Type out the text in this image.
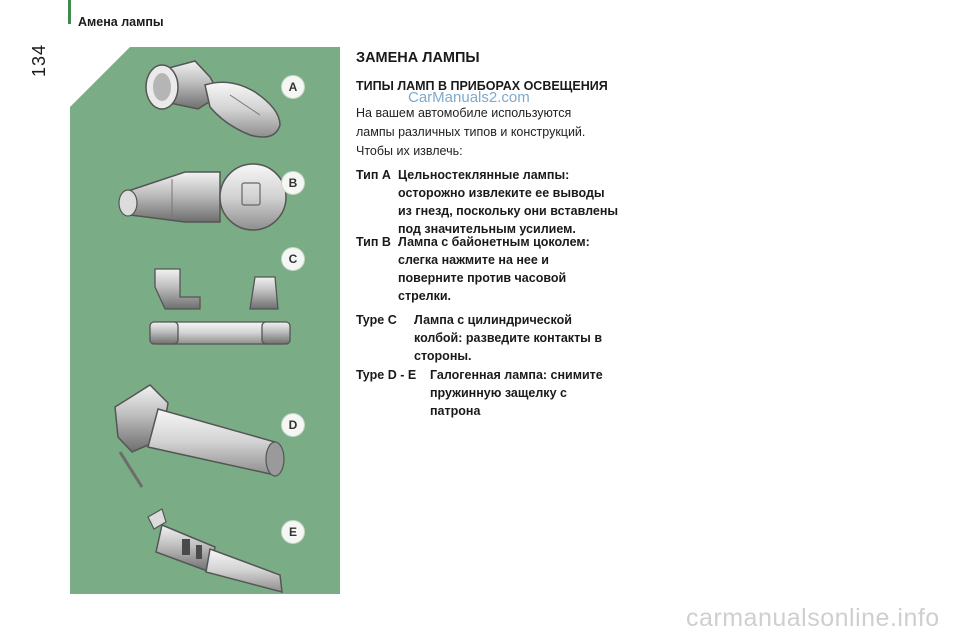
Амена лампы
134
A
B
C
D
E
ЗАМЕНА ЛАМПЫ
ТИПЫ ЛАМП В ПРИБОРАХ ОСВЕЩЕНИЯ
CarManuals2.com
На вашем автомобиле используются
лампы различных типов и конструкций.
Чтобы их извлечь:
Тип А Цельностеклянные лампы:
осторожно извлеките ее выводы
из гнезд, поскольку они вставлены
под значительным усилием.
Тип В Лампа с байонетным цоколем:
слегка нажмите на нее и
поверните против часовой
стрелки.
Type C Лампа с цилиндрической
колбой: разведите контакты в
стороны.
Type D - E Галогенная лампа: снимите
пружинную защелку с
патрона
carmanualsonline.info
